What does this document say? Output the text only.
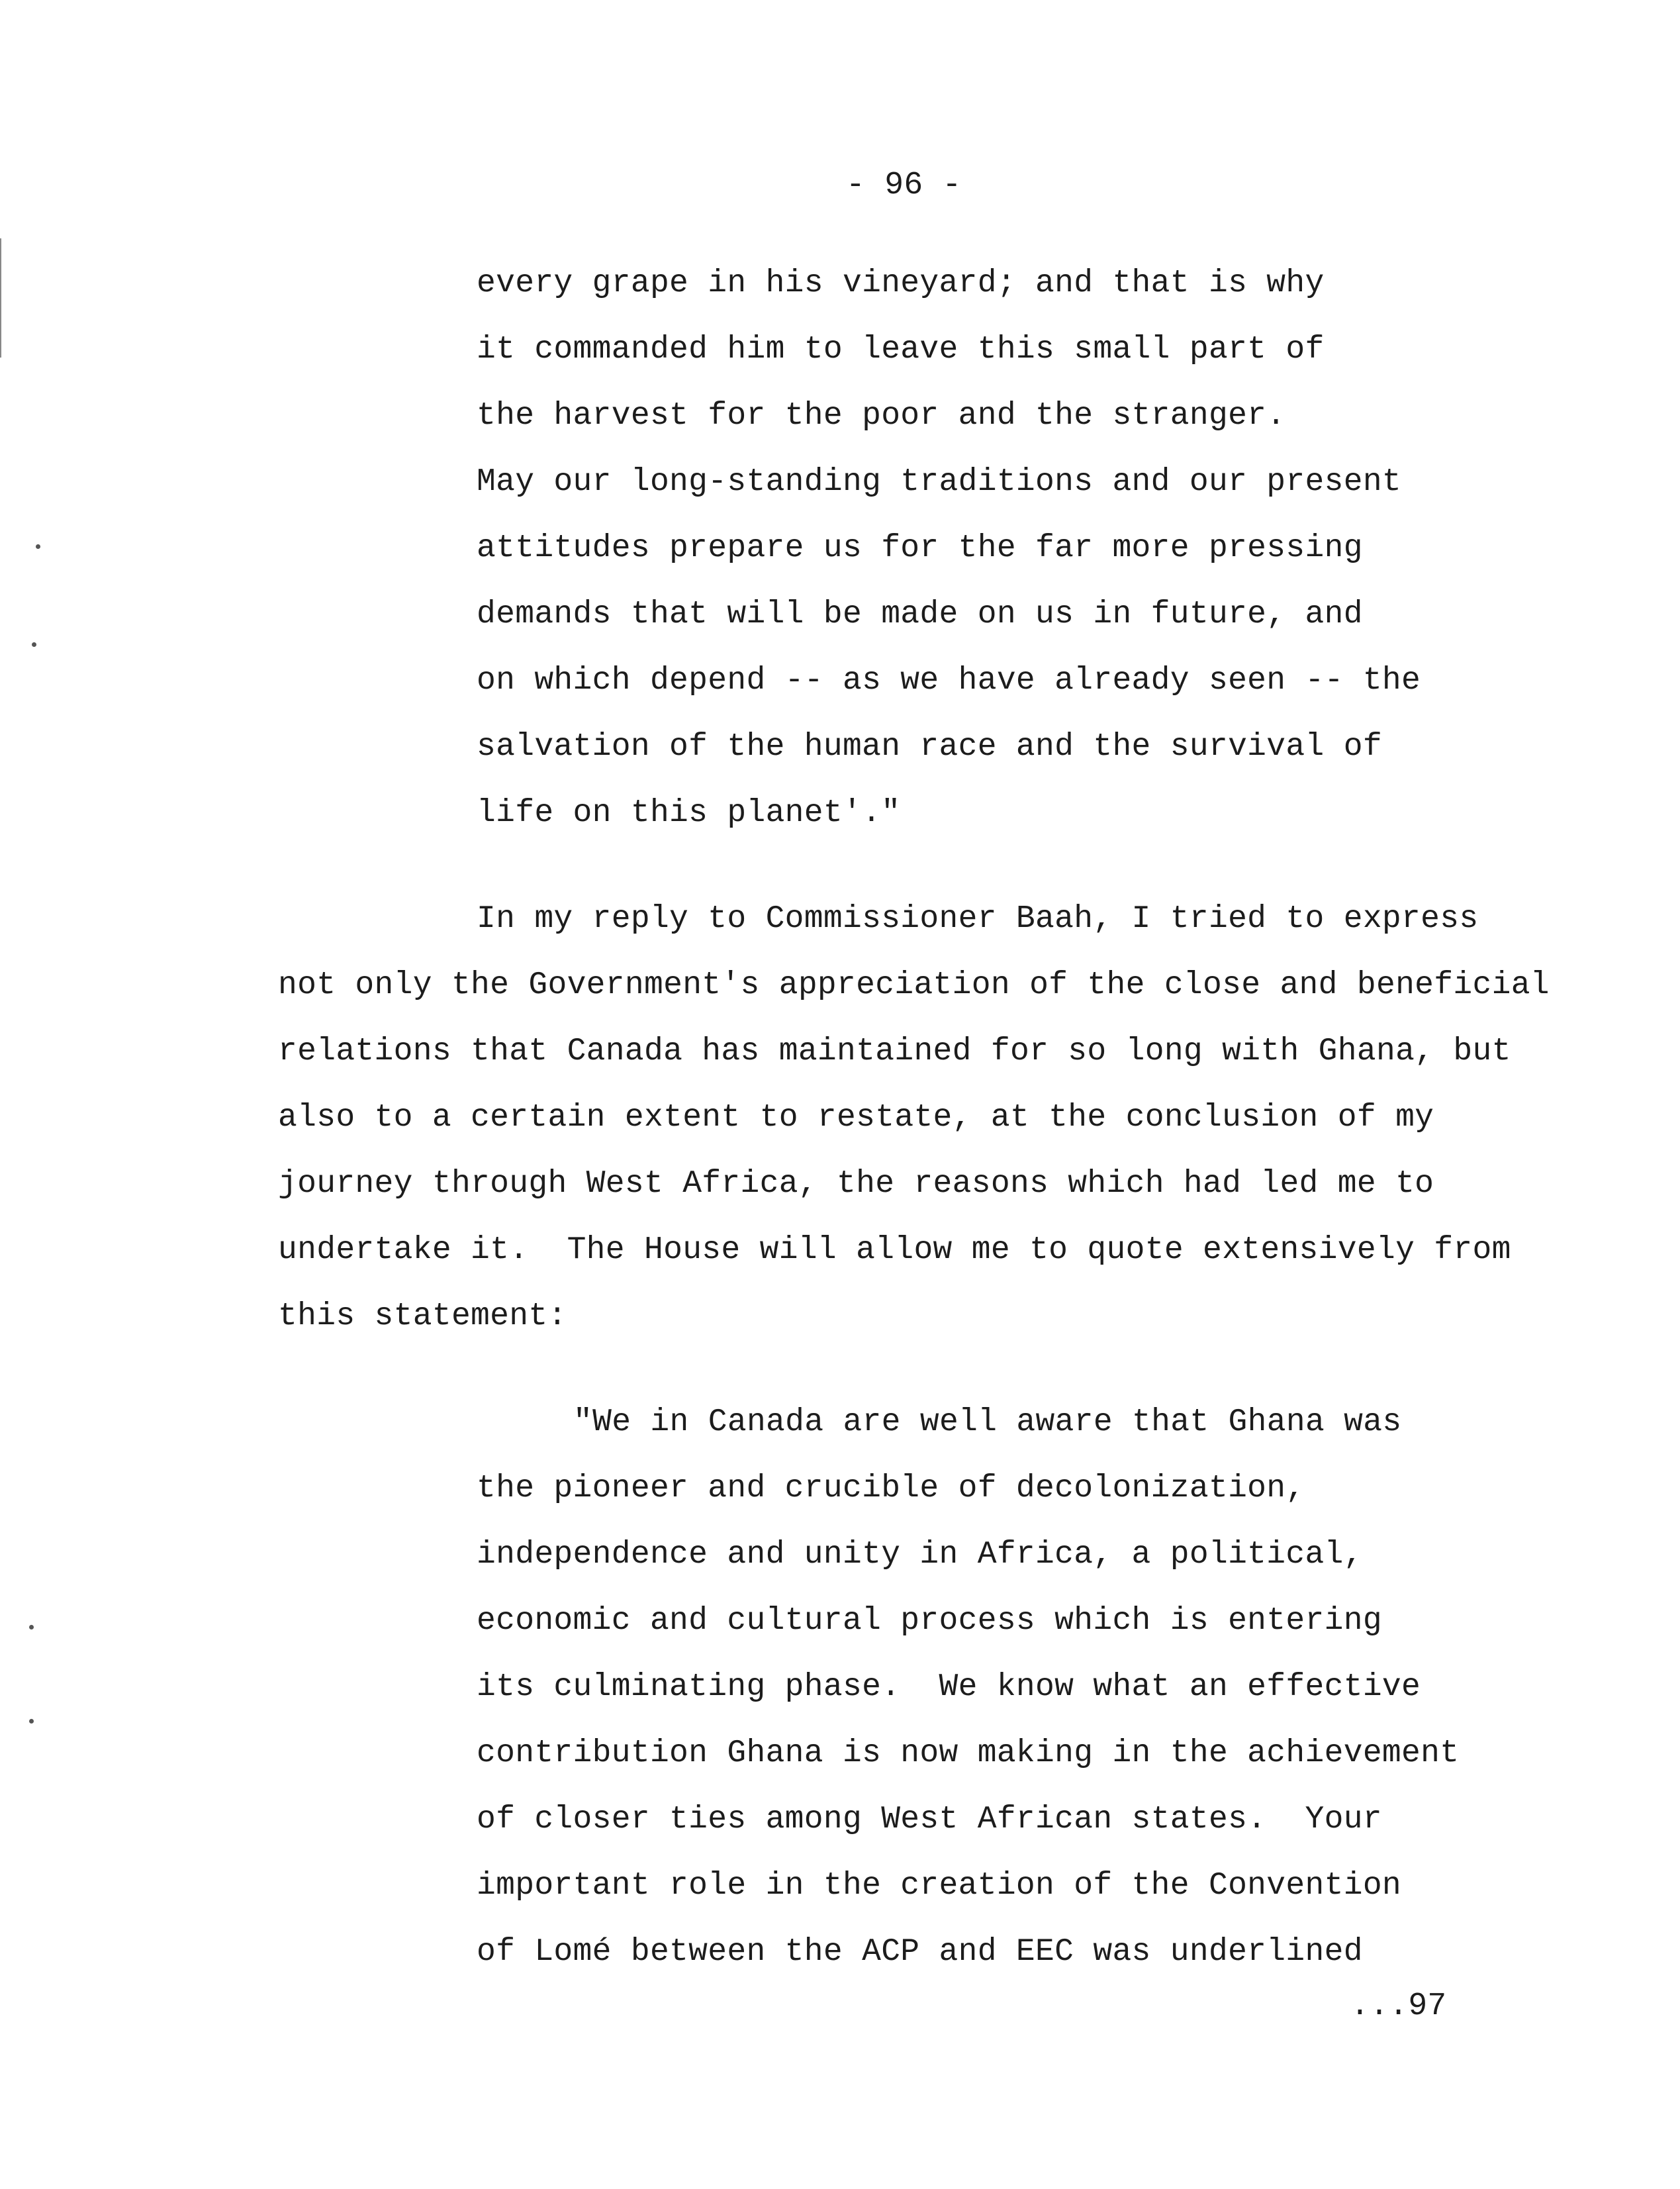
- 96 -
every grape in his vineyard; and that is why
it commanded him to leave this small part of
the harvest for the poor and the stranger.
May our long-standing traditions and our present
attitudes prepare us for the far more pressing
demands that will be made on us in future, and
on which depend -- as we have already seen -- the
salvation of the human race and the survival of
life on this planet'."
In my reply to Commissioner Baah, I tried to express
not only the Government's appreciation of the close and beneficial
relations that Canada has maintained for so long with Ghana, but
also to a certain extent to restate, at the conclusion of my
journey through West Africa, the reasons which had led me to
undertake it.  The House will allow me to quote extensively from
this statement:
"We in Canada are well aware that Ghana was
the pioneer and crucible of decolonization,
independence and unity in Africa, a political,
economic and cultural process which is entering
its culminating phase.  We know what an effective
contribution Ghana is now making in the achievement
of closer ties among West African states.  Your
important role in the creation of the Convention
of Lomé between the ACP and EEC was underlined
...97
